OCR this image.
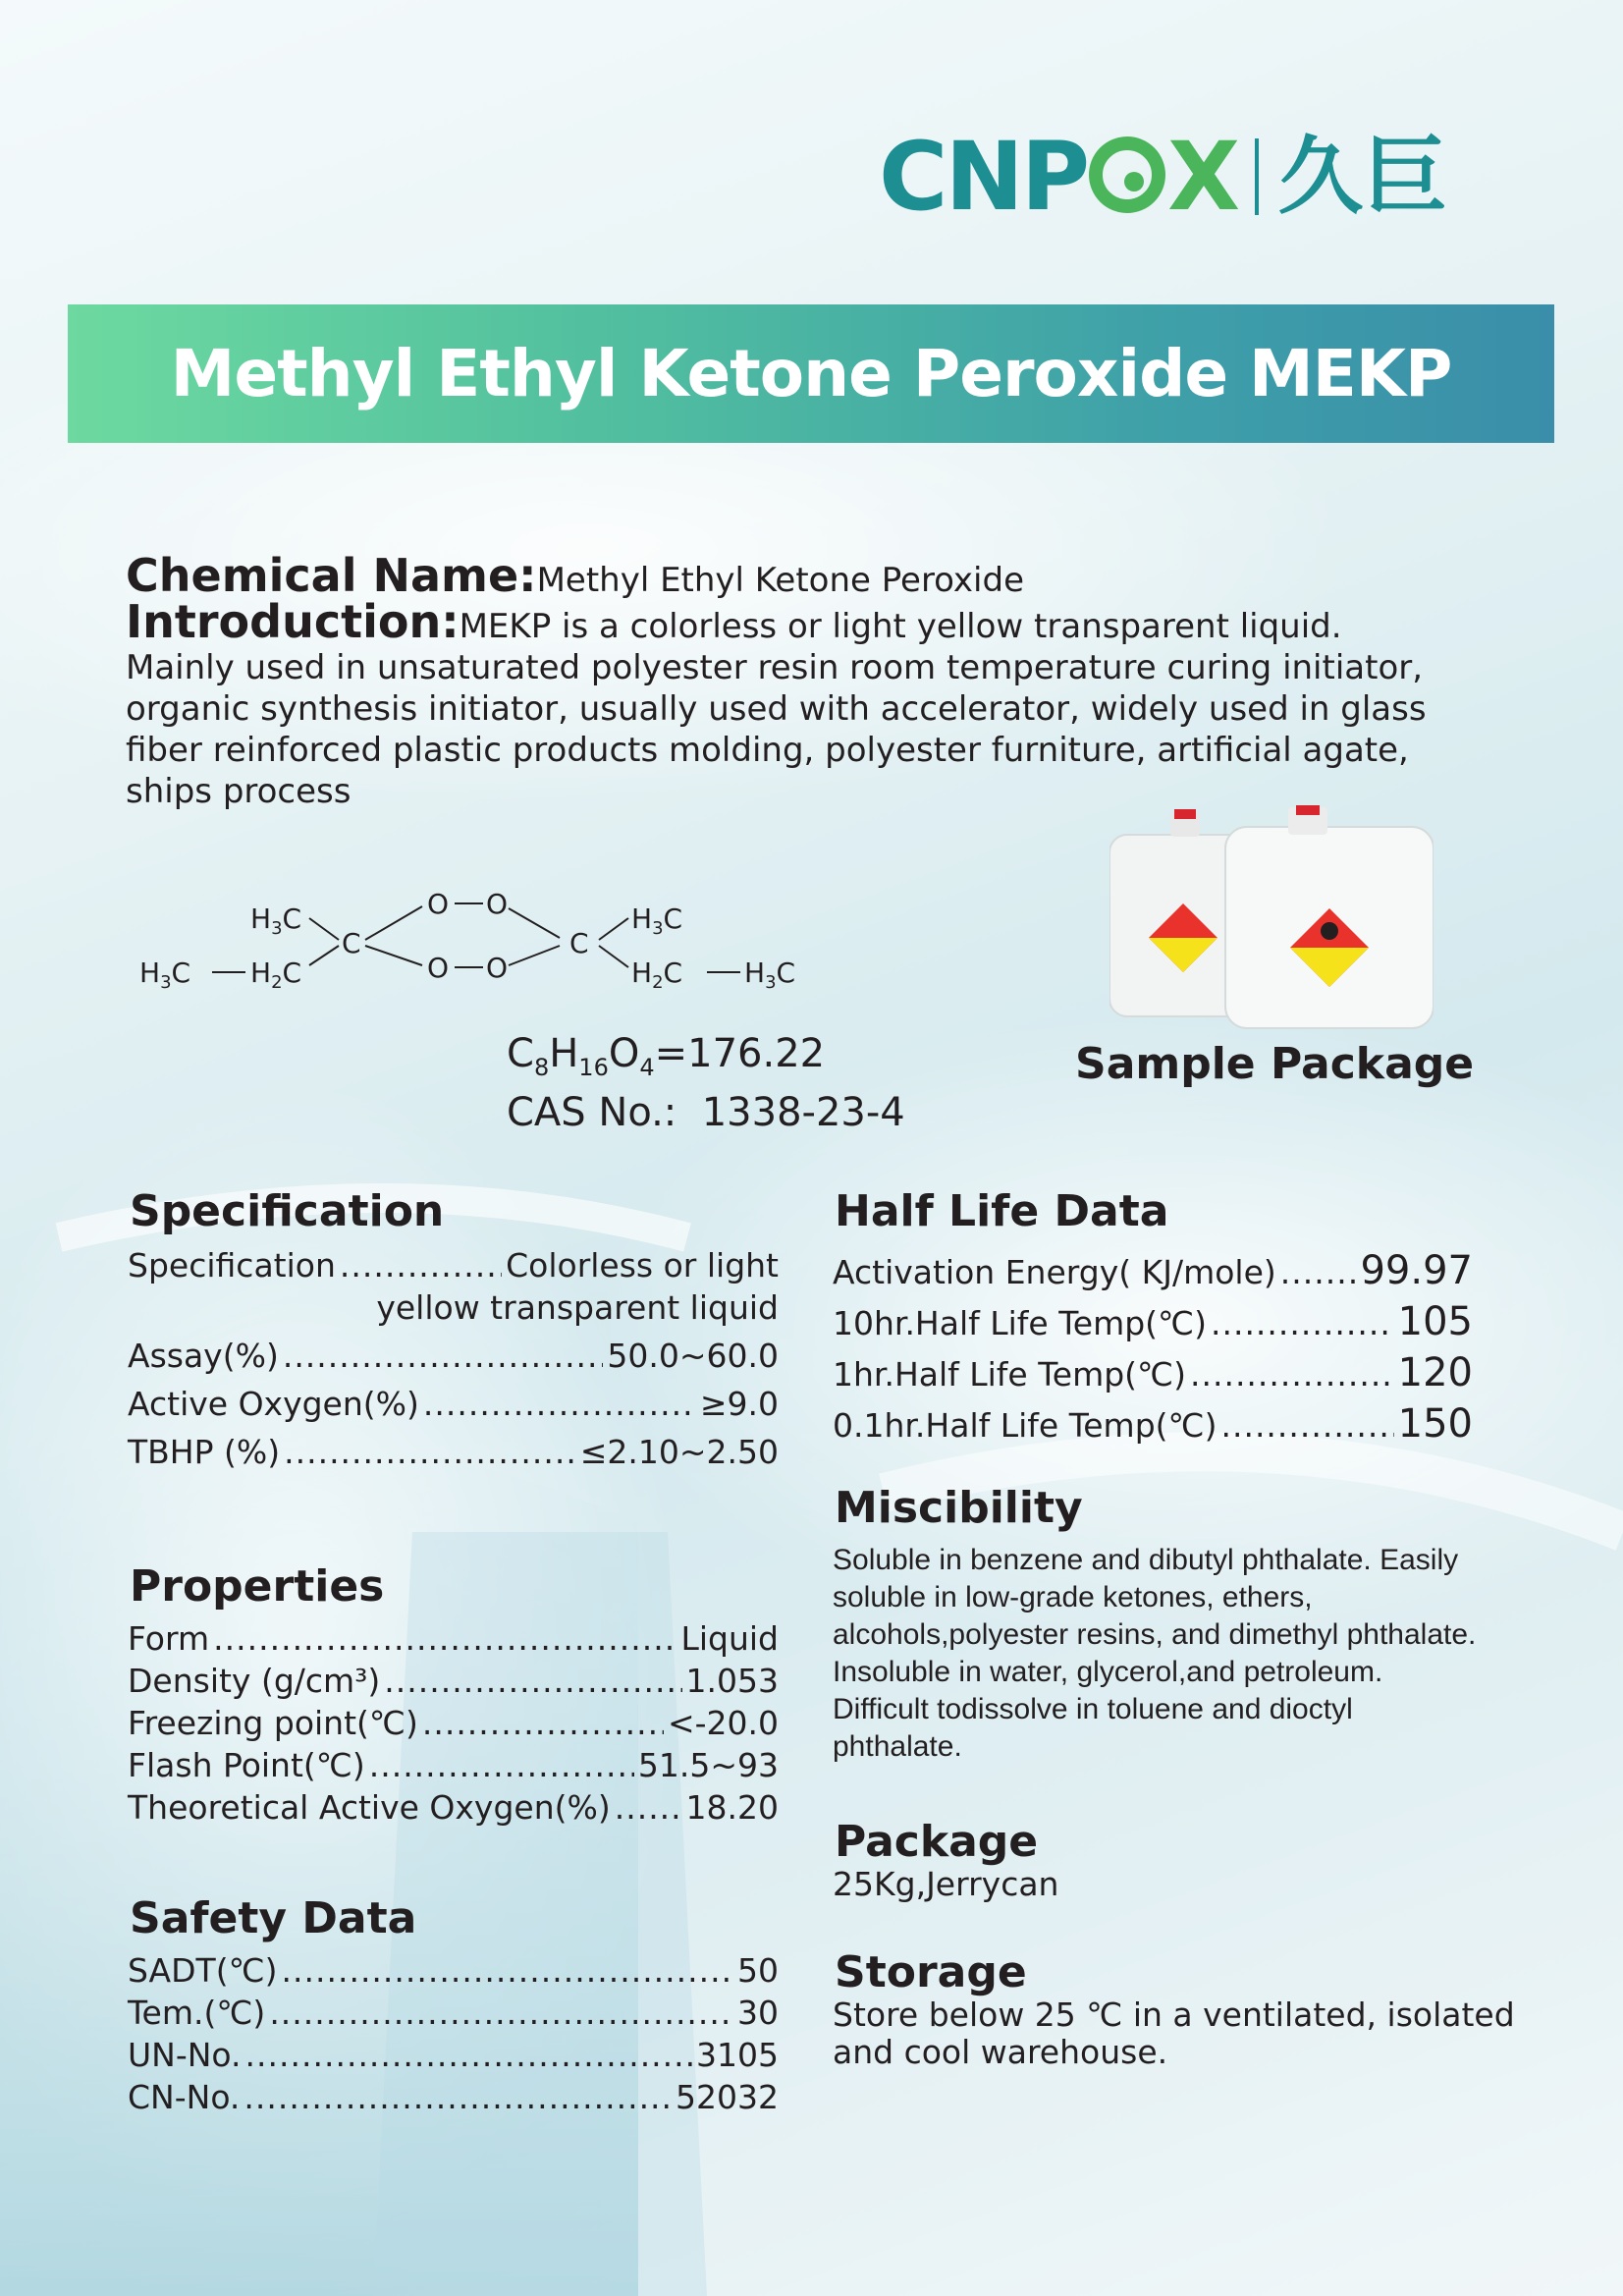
CNP X 久巨
Methyl Ethyl Ketone Peroxide MEKP

Chemical Name:Methyl Ethyl Ketone Peroxide

Introduction:MEKP is a colorless or light yellow transparent liquid. Mainly used in unsaturated polyester resin room temperature curing initiator, organic synthesis initiator, usually used with accelerator, widely used in glass fiber reinforced plastic products molding, polyester furniture, artificial agate, ships process

$H_3C$
$H_3C$ $H_2C$
C
O O
O O
C
$H_3C$
$H_2C$ $H_3C$
$C_8H_{16}O_4=176.22$
CAS No.: 1338-23-4
Sample Package
Specification
Specification .....	Colorless or light
yellow transparent liquid
Assay(%) .....	50.0~60.0
Active Oxygen(%) .....	≥9.0
TBHP (%) .....	≤2.10~2.50
Properties
Form .....	Liquid
Density (g/cm³) .....	1.053
Freezing point(℃) .....	<-20.0
Flash Point(℃) .....	51.5~93
Theoretical Active Oxygen(%) ..... 18.20
Safety Data
SADT(℃) .....	50
Tem.(℃) .....	30
UN-No. .....	3105
CN-No. .....	52032
Half Life Data
Activation Energy( KJ/mole) ..... 99.97
10hr.Half Life Temp(℃) .....	105
1hr.Half Life Temp(℃) .....	120
0.1hr.Half Life Temp(℃) .....	150
Miscibility

Soluble in benzene and dibutyl phthalate. Easily soluble in low-grade ketones, ethers, alcohols,polyester resins, and dimethyl phthalate. Insoluble in water, glycerol,and petroleum. Difficult todissolve in toluene and dioctyl phthalate.

Package

25Kg,Jerrycan

Storage

Store below 25 ℃ in a ventilated, isolated and cool warehouse.
